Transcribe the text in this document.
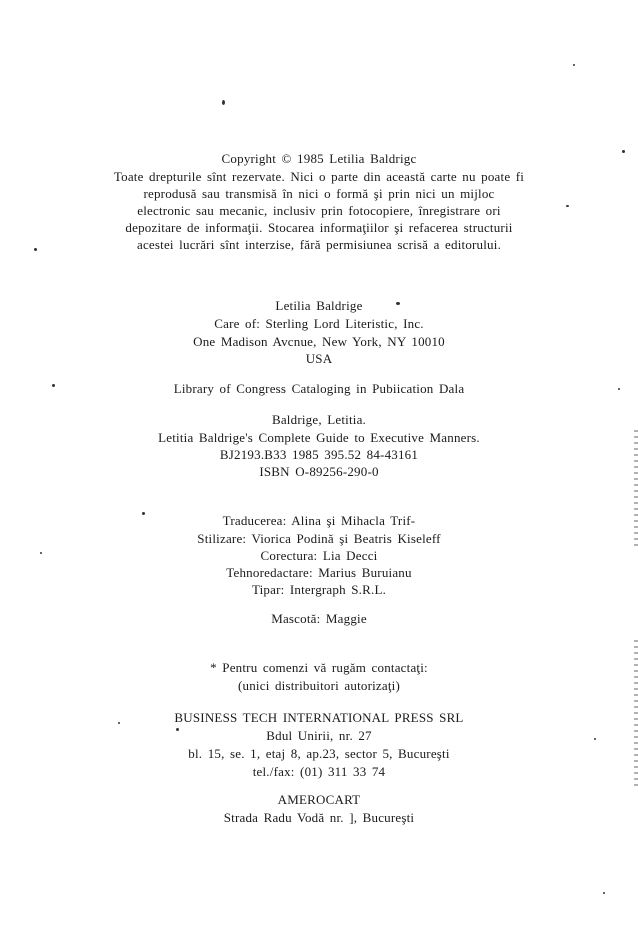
Copyright © 1985 Letilia Baldrigc
Toate drepturile sînt rezervate. Nici o parte din această carte nu poate fi
reprodusă sau transmisă în nici o formă şi prin nici un mijloc
electronic sau mecanic, inclusiv prin fotocopiere, înregistrare ori
depozitare de informaţii. Stocarea informaţiilor şi refacerea structurii
acestei lucrări sînt interzise, fără permisiunea scrisă a editorului.
Letilia Baldrige
Care of: Sterling Lord Literistic, Inc.
One Madison Avcnue, New York, NY 10010
USA
Library of Congress Cataloging in Pubiication Dala
Baldrige, Letitia.
Letitia Baldrige's Complete Guide to Executive Manners.
BJ2193.B33 1985 395.52 84-43161
ISBN O-89256-290-0
Traducerea: Alina şi Mihacla Trif-
Stilizare: Viorica Podină şi Beatris Kiseleff
Corectura: Lia Decci
Tehnoredactare: Marius Buruianu
Tipar: Intergraph S.R.L.
Mascotă: Maggie
* Pentru comenzi vă rugăm contactaţi:
(unici distribuitori autorizaţi)
BUSINESS TECH INTERNATIONAL PRESS SRL
Bdul Unirii, nr. 27
bl. 15, se. 1, etaj 8, ap.23, sector 5, Bucureşti
tel./fax: (01) 311 33 74
AMEROCART
Strada Radu Vodă nr. ], Bucureşti
